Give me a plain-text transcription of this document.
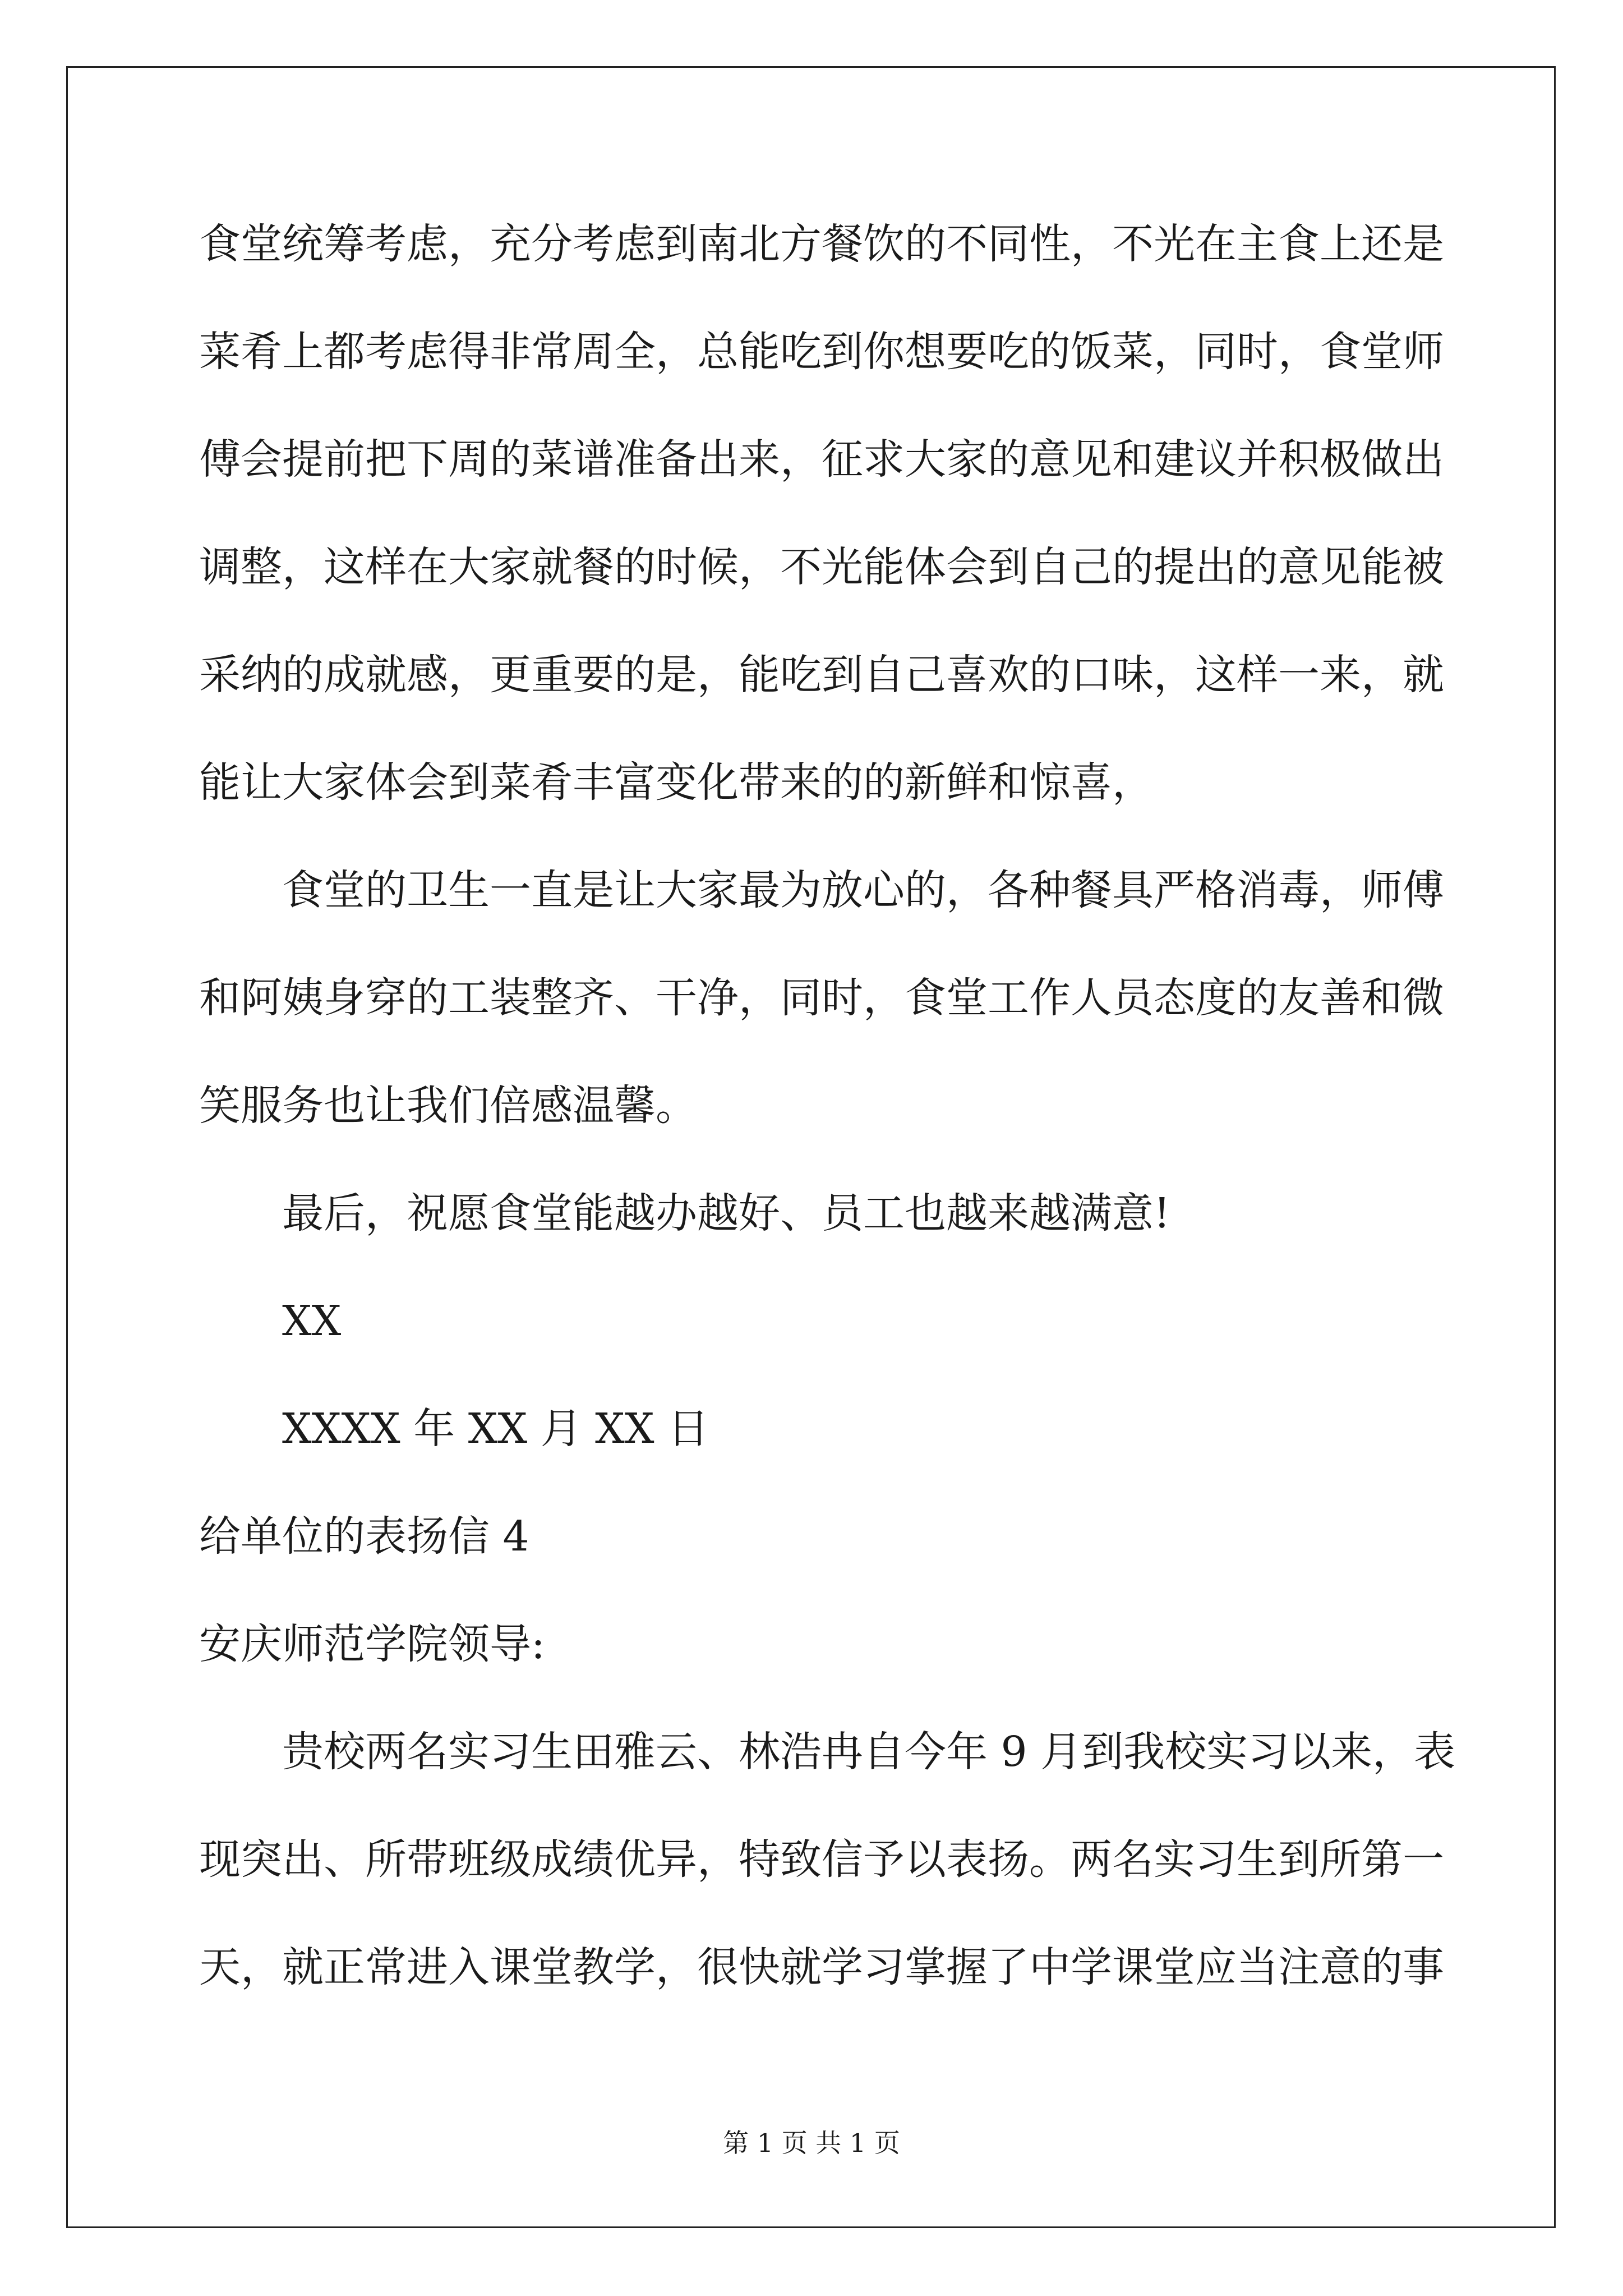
食堂统筹考虑，充分考虑到南北方餐饮的不同性，不光在主食上还是
菜肴上都考虑得非常周全，总能吃到你想要吃的饭菜，同时，食堂师
傅会提前把下周的菜谱准备出来，征求大家的意见和建议并积极做出
调整，这样在大家就餐的时候，不光能体会到自己的提出的意见能被
采纳的成就感，更重要的是，能吃到自己喜欢的口味，这样一来，就
能让大家体会到菜肴丰富变化带来的的新鲜和惊喜，
食堂的卫生一直是让大家最为放心的，各种餐具严格消毒，师傅
和阿姨身穿的工装整齐、干净，同时，食堂工作人员态度的友善和微
笑服务也让我们倍感温馨。
最后，祝愿食堂能越办越好、员工也越来越满意!
XX
XXXX 年 XX 月 XX 日
给单位的表扬信 4
安庆师范学院领导:
贵校两名实习生田雅云、林浩冉自今年 9 月到我校实习以来，表
现突出、所带班级成绩优异，特致信予以表扬。两名实习生到所第一
天，就正常进入课堂教学，很快就学习掌握了中学课堂应当注意的事
第 1 页 共 1 页
